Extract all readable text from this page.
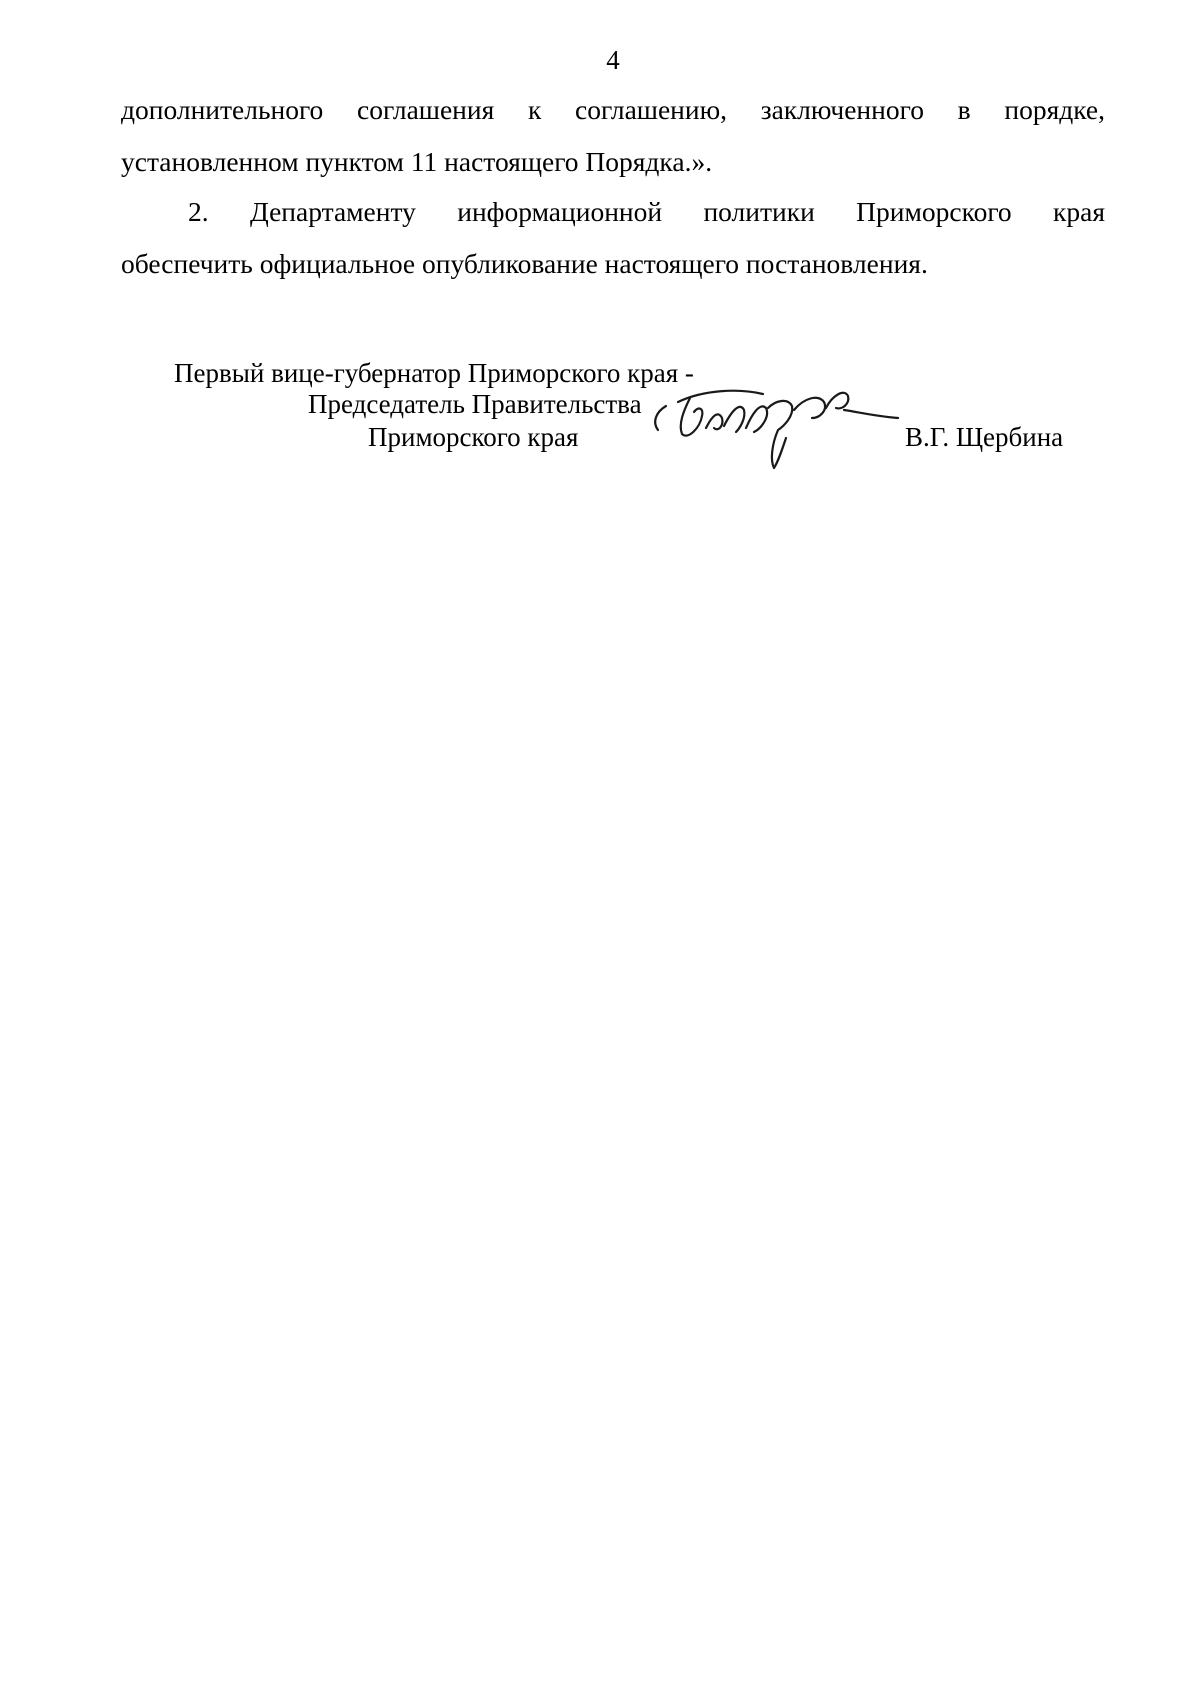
4
дополнительного соглашения к соглашению, заключенного в порядке,
установленном пунктом 11 настоящего Порядка.».
2. Департаменту информационной политики Приморского края
обеспечить официальное опубликование настоящего постановления.
Первый вице-губернатор Приморского края -
Председатель Правительства
Приморского края	В.Г. Щербина
